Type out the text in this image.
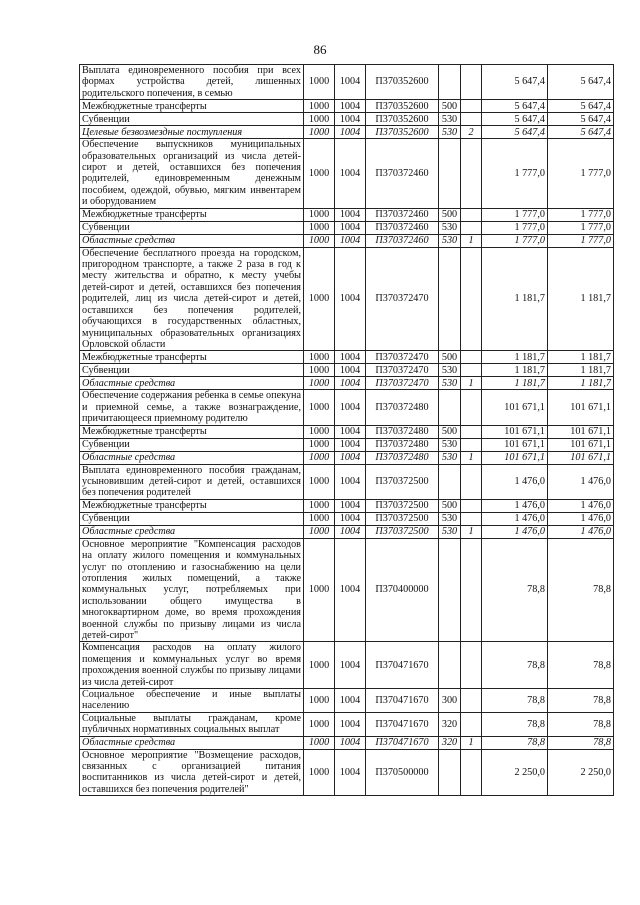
86
Выплата единовременного пособия при всех формах устройства детей, лишенных родительского попечения, в семью	1000	1004	П370352600			5 647,4	5 647,4
Межбюджетные трансферты	1000	1004	П370352600	500		5 647,4	5 647,4
Субвенции	1000	1004	П370352600	530		5 647,4	5 647,4
Целевые безвозмездные поступления	1000	1004	П370352600	530	2	5 647,4	5 647,4
Обеспечение выпускников муниципальных образовательных организаций из числа детей-сирот и детей, оставшихся без попечения родителей, единовременным денежным пособием, одеждой, обувью, мягким инвентарем и оборудованием	1000	1004	П370372460			1 777,0	1 777,0
Межбюджетные трансферты	1000	1004	П370372460	500		1 777,0	1 777,0
Субвенции	1000	1004	П370372460	530		1 777,0	1 777,0
Областные средства	1000	1004	П370372460	530	1	1 777,0	1 777,0
Обеспечение бесплатного проезда на городском, пригородном транспорте, а также 2 раза в год к месту жительства и обратно, к месту учебы детей-сирот и детей, оставшихся без попечения родителей, лиц из числа детей-сирот и детей, оставшихся без попечения родителей, обучающихся в государственных областных, муниципальных образовательных организациях Орловской области	1000	1004	П370372470			1 181,7	1 181,7
Межбюджетные трансферты	1000	1004	П370372470	500		1 181,7	1 181,7
Субвенции	1000	1004	П370372470	530		1 181,7	1 181,7
Областные средства	1000	1004	П370372470	530	1	1 181,7	1 181,7
Обеспечение содержания ребенка в семье опекуна и приемной семье, а также вознаграждение, причитающееся приемному родителю	1000	1004	П370372480			101 671,1	101 671,1
Межбюджетные трансферты	1000	1004	П370372480	500		101 671,1	101 671,1
Субвенции	1000	1004	П370372480	530		101 671,1	101 671,1
Областные средства	1000	1004	П370372480	530	1	101 671,1	101 671,1
Выплата единовременного пособия гражданам, усыновившим детей-сирот и детей, оставшихся без попечения родителей	1000	1004	П370372500			1 476,0	1 476,0
Межбюджетные трансферты	1000	1004	П370372500	500		1 476,0	1 476,0
Субвенции	1000	1004	П370372500	530		1 476,0	1 476,0
Областные средства	1000	1004	П370372500	530	1	1 476,0	1 476,0
Основное мероприятие "Компенсация расходов на оплату жилого помещения и коммунальных услуг по отоплению и газоснабжению на цели отопления жилых помещений, а также коммунальных услуг, потребляемых при использовании общего имущества в многоквартирном доме, во время прохождения военной службы по призыву лицами из числа детей-сирот"	1000	1004	П370400000			78,8	78,8
Компенсация расходов на оплату жилого помещения и коммунальных услуг во время прохождения военной службы по призыву лицами из числа детей-сирот	1000	1004	П370471670			78,8	78,8
Социальное обеспечение и иные выплаты населению	1000	1004	П370471670	300		78,8	78,8
Социальные выплаты гражданам, кроме публичных нормативных социальных выплат	1000	1004	П370471670	320		78,8	78,8
Областные средства	1000	1004	П370471670	320	1	78,8	78,8
Основное мероприятие "Возмещение расходов, связанных с организацией питания воспитанников из числа детей-сирот и детей, оставшихся без попечения родителей"	1000	1004	П370500000			2 250,0	2 250,0
